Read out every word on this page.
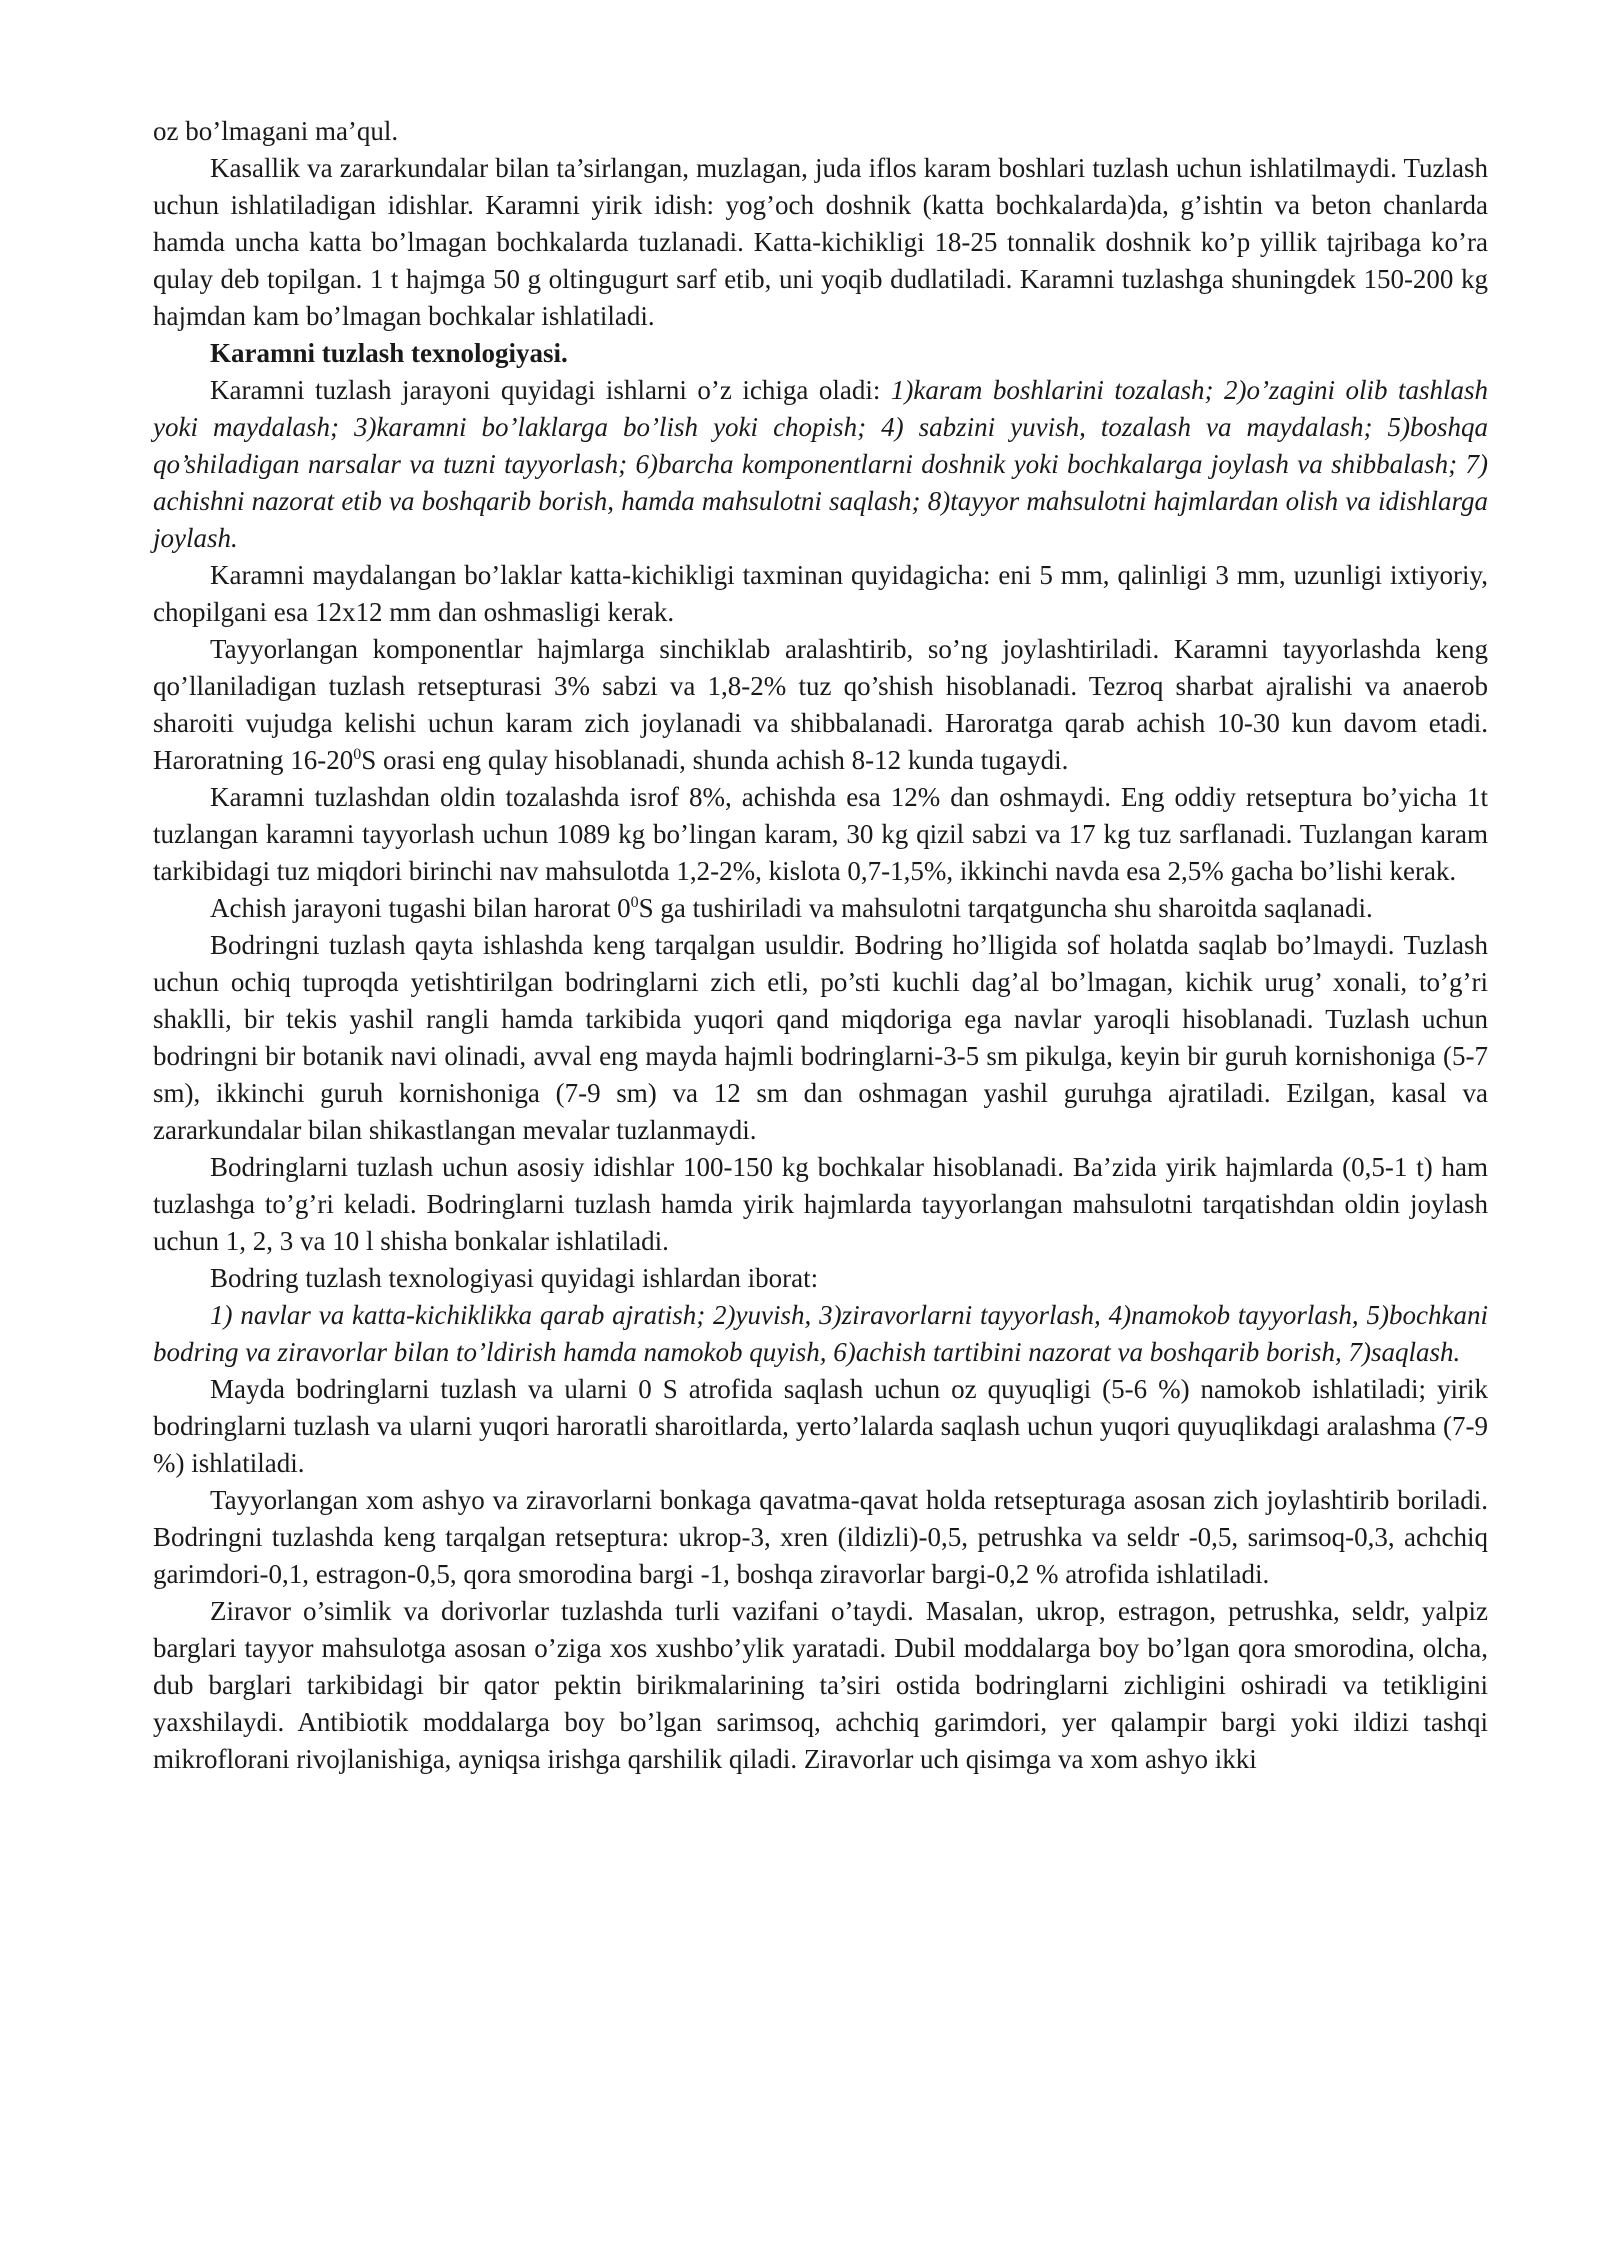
oz bo’lmagani ma’qul.

Kasallik va zararkundalar bilan ta’sirlangan, muzlagan, juda iflos karam boshlari tuzlash uchun ishlatilmaydi. Tuzlash uchun ishlatiladigan idishlar. Karamni yirik idish: yog’och doshnik (katta bochkalarda)da, g’ishtin va beton chanlarda hamda uncha katta bo’lmagan bochkalarda tuzlanadi. Katta-kichikligi 18-25 tonnalik doshnik ko’p yillik tajribaga ko’ra qulay deb topilgan. 1 t hajmga 50 g oltingugurt sarf etib, uni yoqib dudlatiladi. Karamni tuzlashga shuningdek 150-200 kg hajmdan kam bo’lmagan bochkalar ishlatiladi.

Karamni tuzlash texnologiyasi.

Karamni tuzlash jarayoni quyidagi ishlarni o’z ichiga oladi: 1)karam boshlarini tozalash; 2)o’zagini olib tashlash yoki maydalash; 3)karamni bo’laklarga bo’lish yoki chopish; 4) sabzini yuvish, tozalash va maydalash; 5)boshqa qo’shiladigan narsalar va tuzni tayyorlash; 6)barcha komponentlarni doshnik yoki bochkalarga joylash va shibbalash; 7) achishni nazorat etib va boshqarib borish, hamda mahsulotni saqlash; 8)tayyor mahsulotni hajmlardan olish va idishlarga joylash.

Karamni maydalangan bo’laklar katta-kichikligi taxminan quyidagicha: eni 5 mm, qalinligi 3 mm, uzunligi ixtiyoriy, chopilgani esa 12x12 mm dan oshmasligi kerak.

Tayyorlangan komponentlar hajmlarga sinchiklab aralashtirib, so’ng joylashtiriladi. Karamni tayyorlashda keng qo’llaniladigan tuzlash retsepturasi 3% sabzi va 1,8-2% tuz qo’shish hisoblanadi. Tezroq sharbat ajralishi va anaerob sharoiti vujudga kelishi uchun karam zich joylanadi va shibbalanadi. Haroratga qarab achish 10-30 kun davom etadi. Haroratning $16-20^0S$ orasi eng qulay hisoblanadi, shunda achish 8-12 kunda tugaydi.

Karamni tuzlashdan oldin tozalashda isrof 8%, achishda esa 12% dan oshmaydi. Eng oddiy retseptura bo’yicha 1t tuzlangan karamni tayyorlash uchun 1089 kg bo’lingan karam, 30 kg qizil sabzi va 17 kg tuz sarflanadi. Tuzlangan karam tarkibidagi tuz miqdori birinchi nav mahsulotda 1,2-2%, kislota 0,7-1,5%, ikkinchi navda esa 2,5% gacha bo’lishi kerak.

Achish jarayoni tugashi bilan harorat $0^0S$ ga tushiriladi va mahsulotni tarqatguncha shu sharoitda saqlanadi.

Bodringni tuzlash qayta ishlashda keng tarqalgan usuldir. Bodring ho’lligida sof holatda saqlab bo’lmaydi. Tuzlash uchun ochiq tuproqda yetishtirilgan bodringlarni zich etli, po’sti kuchli dag’al bo’lmagan, kichik urug’ xonali, to’g’ri shaklli, bir tekis yashil rangli hamda tarkibida yuqori qand miqdoriga ega navlar yaroqli hisoblanadi. Tuzlash uchun bodringni bir botanik navi olinadi, avval eng mayda hajmli bodringlarni-3-5 sm pikulga, keyin bir guruh kornishoniga (5-7 sm), ikkinchi guruh kornishoniga (7-9 sm) va 12 sm dan oshmagan yashil guruhga ajratiladi. Ezilgan, kasal va zararkundalar bilan shikastlangan mevalar tuzlanmaydi.

Bodringlarni tuzlash uchun asosiy idishlar 100-150 kg bochkalar hisoblanadi. Ba’zida yirik hajmlarda (0,5-1 t) ham tuzlashga to’g’ri keladi. Bodringlarni tuzlash hamda yirik hajmlarda tayyorlangan mahsulotni tarqatishdan oldin joylash uchun 1, 2, 3 va 10 l shisha bonkalar ishlatiladi.

Bodring tuzlash texnologiyasi quyidagi ishlardan iborat:

1) navlar va katta-kichiklikka qarab ajratish; 2)yuvish, 3)ziravorlarni tayyorlash, 4)namokob tayyorlash, 5)bochkani bodring va ziravorlar bilan to’ldirish hamda namokob quyish, 6)achish tartibini nazorat va boshqarib borish, 7)saqlash.

Mayda bodringlarni tuzlash va ularni 0 S atrofida saqlash uchun oz quyuqligi (5-6 %) namokob ishlatiladi; yirik bodringlarni tuzlash va ularni yuqori haroratli sharoitlarda, yerto’lalarda saqlash uchun yuqori quyuqlikdagi aralashma (7-9 %) ishlatiladi.

Tayyorlangan xom ashyo va ziravorlarni bonkaga qavatma-qavat holda retsepturaga asosan zich joylashtirib boriladi. Bodringni tuzlashda keng tarqalgan retseptura: ukrop-3, xren (ildizli)-0,5, petrushka va seldr -0,5, sarimsoq-0,3, achchiq garimdori-0,1, estragon-0,5, qora smorodina bargi -1, boshqa ziravorlar bargi-0,2 % atrofida ishlatiladi.

Ziravor o’simlik va dorivorlar tuzlashda turli vazifani o’taydi. Masalan, ukrop, estragon, petrushka, seldr, yalpiz barglari tayyor mahsulotga asosan o’ziga xos xushbo’ylik yaratadi. Dubil moddalarga boy bo’lgan qora smorodina, olcha, dub barglari tarkibidagi bir qator pektin birikmalarining ta’siri ostida bodringlarni zichligini oshiradi va tetikligini yaxshilaydi. Antibiotik moddalarga boy bo’lgan sarimsoq, achchiq garimdori, yer qalampir bargi yoki ildizi tashqi mikroflorani rivojlanishiga, ayniqsa irishga qarshilik qiladi. Ziravorlar uch qisimga va xom ashyo ikki
